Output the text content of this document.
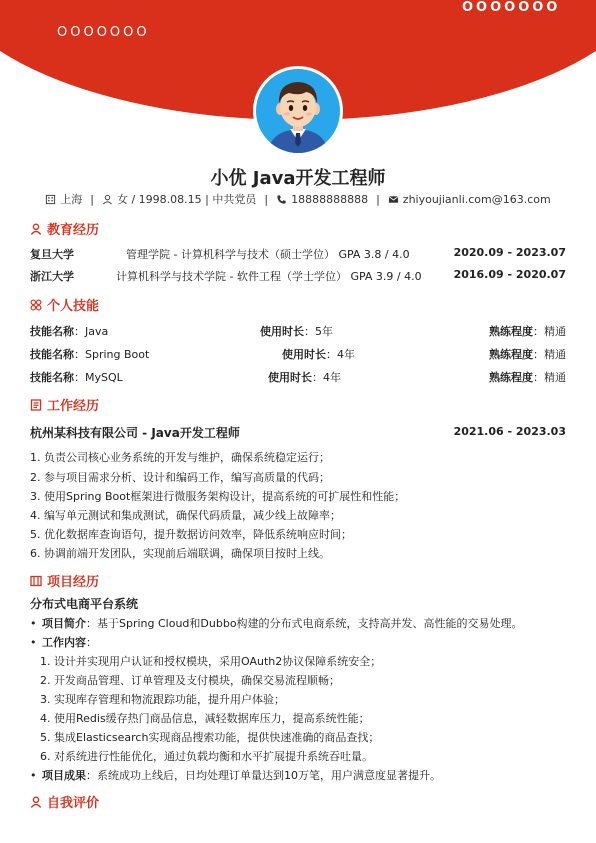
OOOOOOO
OOOOOOO
小优 Java开发工程师
上海 | 女 / 1998.08.15 | 中共党员 | 18888888888 | zhiyoujianli.com@163.com
教育经历
复旦大学	管理学院 - 计算机科学与技术（硕士学位） GPA 3.8 / 4.0	2020.09 - 2023.07
浙江大学	计算机科学与技术学院 - 软件工程（学士学位） GPA 3.9 / 4.0	2016.09 - 2020.07
个人技能
技能名称：Java	使用时长：5年	熟练程度：精通
技能名称：Spring Boot	使用时长：4年	熟练程度：精通
技能名称：MySQL	使用时长：4年	熟练程度：精通
工作经历
杭州某科技有限公司 - Java开发工程师	2021.06 - 2023.03
1. 负责公司核心业务系统的开发与维护，确保系统稳定运行；
2. 参与项目需求分析、设计和编码工作，编写高质量的代码；
3. 使用Spring Boot框架进行微服务架构设计，提高系统的可扩展性和性能；
4. 编写单元测试和集成测试，确保代码质量，减少线上故障率；
5. 优化数据库查询语句，提升数据访问效率，降低系统响应时间；
6. 协调前端开发团队，实现前后端联调，确保项目按时上线。
项目经历
分布式电商平台系统
• 项目简介：基于Spring Cloud和Dubbo构建的分布式电商系统，支持高并发、高性能的交易处理。
• 工作内容：
1. 设计并实现用户认证和授权模块，采用OAuth2协议保障系统安全；
2. 开发商品管理、订单管理及支付模块，确保交易流程顺畅；
3. 实现库存管理和物流跟踪功能，提升用户体验；
4. 使用Redis缓存热门商品信息，减轻数据库压力，提高系统性能；
5. 集成Elasticsearch实现商品搜索功能，提供快速准确的商品查找；
6. 对系统进行性能优化，通过负载均衡和水平扩展提升系统吞吐量。
• 项目成果：系统成功上线后，日均处理订单量达到10万笔，用户满意度显著提升。
自我评价
